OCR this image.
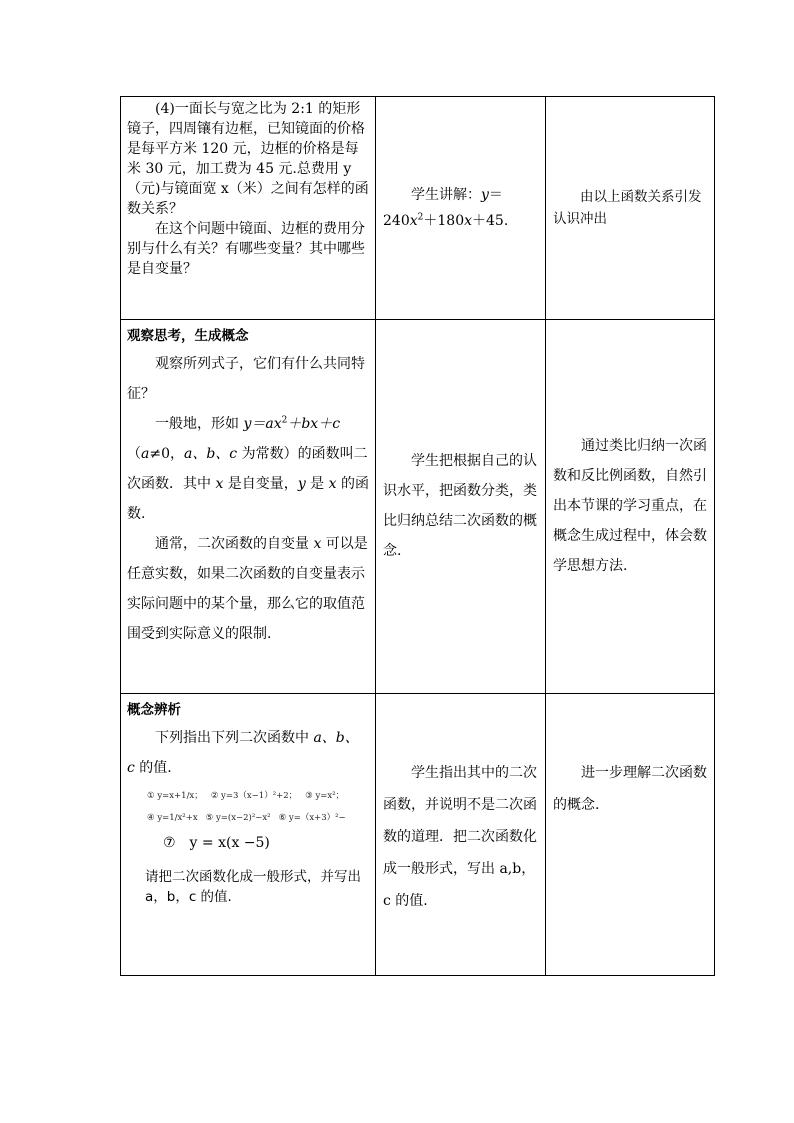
(4)一面长与宽之比为 2:1 的矩形镜子，四周镶有边框，已知镜面的价格是每平方米 120 元，边框的价格是每米 30 元，加工费为 45 元.总费用 y（元)与镜面宽 x（米）之间有怎样的函数关系？

在这个问题中镜面、边框的费用分别与什么有关？有哪些变量？其中哪些是自变量？

学生讲解：$y=240x^2+180x+45$.

由以上函数关系引发认识冲出

观察思考，生成概念

观察所列式子，它们有什么共同特征？

一般地，形如 $y=ax^2+bx+c$

（a≠0，a、b、c 为常数）的函数叫二次函数．其中 x 是自变量，y 是 x 的函数.

通常，二次函数的自变量 x 可以是任意实数，如果二次函数的自变量表示实际问题中的某个量，那么它的取值范围受到实际意义的限制.

学生把根据自己的认识水平，把函数分类，类比归纳总结二次函数的概念.

通过类比归纳一次函数和反比例函数，自然引出本节课的学习重点，在概念生成过程中，体会数学思想方法.

概念辨析

下列指出下列二次函数中 a、b、

c 的值.

① y=x+1/x； ② y=3（x−1）²+2； ③ y=x²；
④ y=1/x²+x ⑤ y=(x−2)²−x² ⑥ y=（x+3）²−
⑦　y = x(x −5)

请把二次函数化成一般形式，并写出 a，b，c 的值.

学生指出其中的二次函数，并说明不是二次函数的道理．把二次函数化成一般形式，写出 a,b，c 的值.

进一步理解二次函数的概念.
